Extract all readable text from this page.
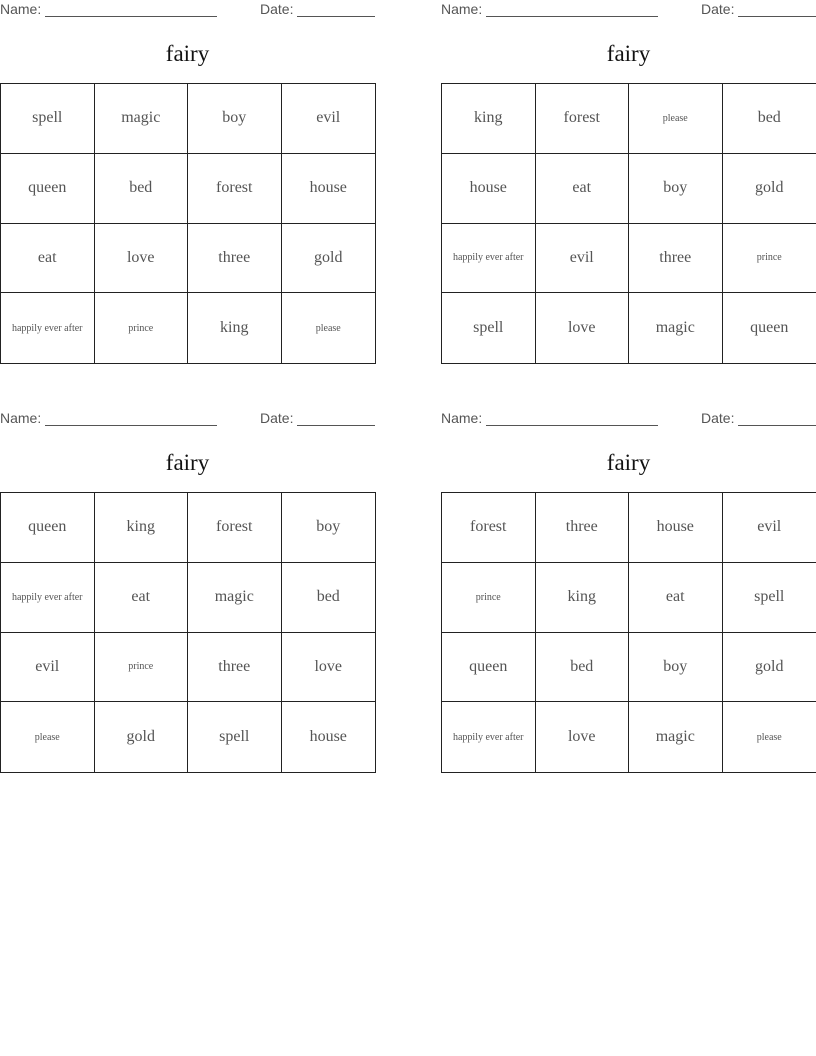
Name:	Date:
fairy
spell	magic	boy	evil
queen	bed	forest	house
eat	love	three	gold
happily ever after	prince	king	please
Name:	Date:
fairy
king	forest	please	bed
house	eat	boy	gold
happily ever after	evil	three	prince
spell	love	magic	queen
Name:	Date:
fairy
queen	king	forest	boy
happily ever after	eat	magic	bed
evil	prince	three	love
please	gold	spell	house
Name:	Date:
fairy
forest	three	house	evil
prince	king	eat	spell
queen	bed	boy	gold
happily ever after	love	magic	please
